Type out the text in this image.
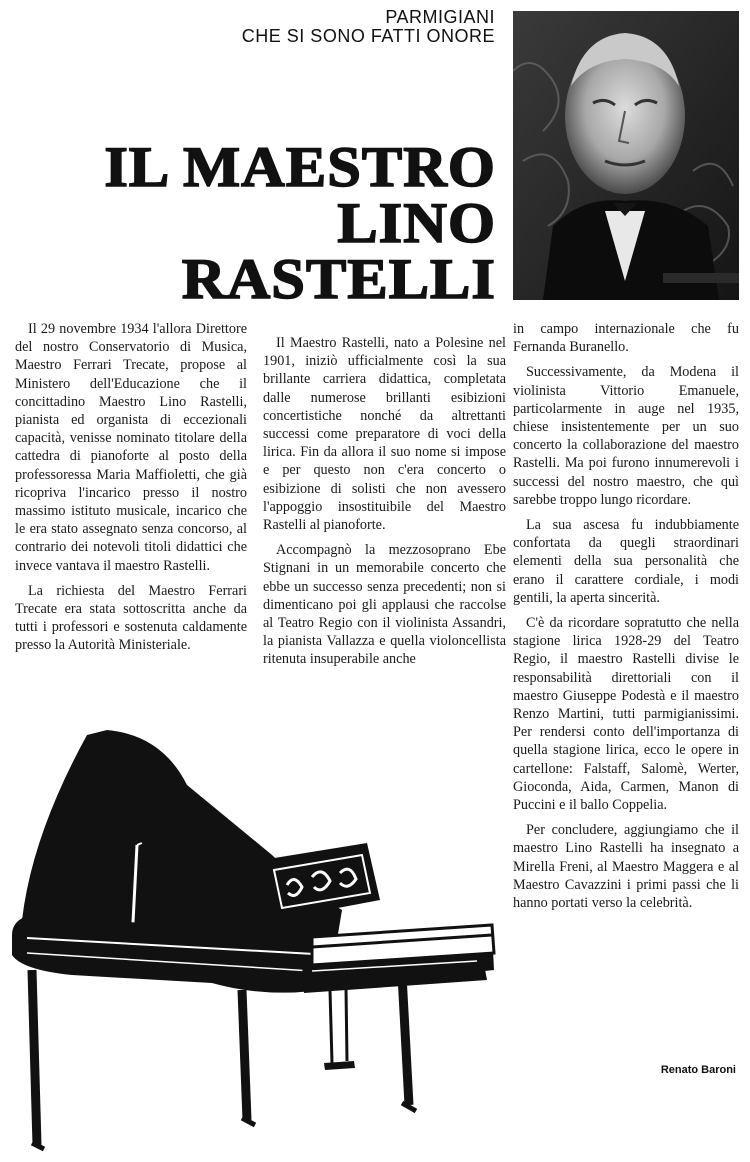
PARMIGIANI
CHE SI SONO FATTI ONORE
IL MAESTRO
LINO
RASTELLI

Il 29 novembre 1934 l'allora Direttore del nostro Conservatorio di Musica, Maestro Ferrari Trecate, propose al Ministero dell'Educazione che il concittadino Maestro Lino Rastelli, pianista ed organista di eccezionali capacità, venisse nominato titolare della cattedra di pianoforte al posto della professoressa Maria Maffioletti, che già ricopriva l'incarico presso il nostro massimo istituto musicale, incarico che le era stato assegnato senza concorso, al contrario dei notevoli titoli didattici che invece vantava il maestro Rastelli.

La richiesta del Maestro Ferrari Trecate era stata sottoscritta anche da tutti i professori e sostenuta caldamente presso la Autorità Ministeriale.

Il Maestro Rastelli, nato a Polesine nel 1901, iniziò ufficialmente così la sua brillante carriera didattica, completata dalle numerose brillanti esibizioni concertistiche nonché da altrettanti successi come preparatore di voci della lirica. Fin da allora il suo nome si impose e per questo non c'era concerto o esibizione di solisti che non avessero l'appoggio insostituibile del Maestro Rastelli al pianoforte.

Accompagnò la mezzosoprano Ebe Stignani in un memorabile concerto che ebbe un successo senza precedenti; non si dimenticano poi gli applausi che raccolse al Teatro Regio con il violinista Assandri, la pianista Vallazza e quella violoncellista ritenuta insuperabile anche

in campo internazionale che fu Fernanda Buranello.

Successivamente, da Modena il violinista Vittorio Emanuele, particolarmente in auge nel 1935, chiese insistentemente per un suo concerto la collaborazione del maestro Rastelli. Ma poi furono innumerevoli i successi del nostro maestro, che quì sarebbe troppo lungo ricordare.

La sua ascesa fu indubbiamente confortata da quegli straordinari elementi della sua personalità che erano il carattere cordiale, i modi gentili, la aperta sincerità.

C'è da ricordare sopratutto che nella stagione lirica 1928-29 del Teatro Regio, il maestro Rastelli divise le responsabilità direttoriali con il maestro Giuseppe Podestà e il maestro Renzo Martini, tutti parmigianissimi. Per rendersi conto dell'importanza di quella stagione lirica, ecco le opere in cartellone: Falstaff, Salomè, Werter, Gioconda, Aida, Carmen, Manon di Puccini e il ballo Coppelia.

Per concludere, aggiungiamo che il maestro Lino Rastelli ha insegnato a Mirella Freni, al Maestro Maggera e al Maestro Cavazzini i primi passi che li hanno portati verso la celebrità.

Renato Baroni
